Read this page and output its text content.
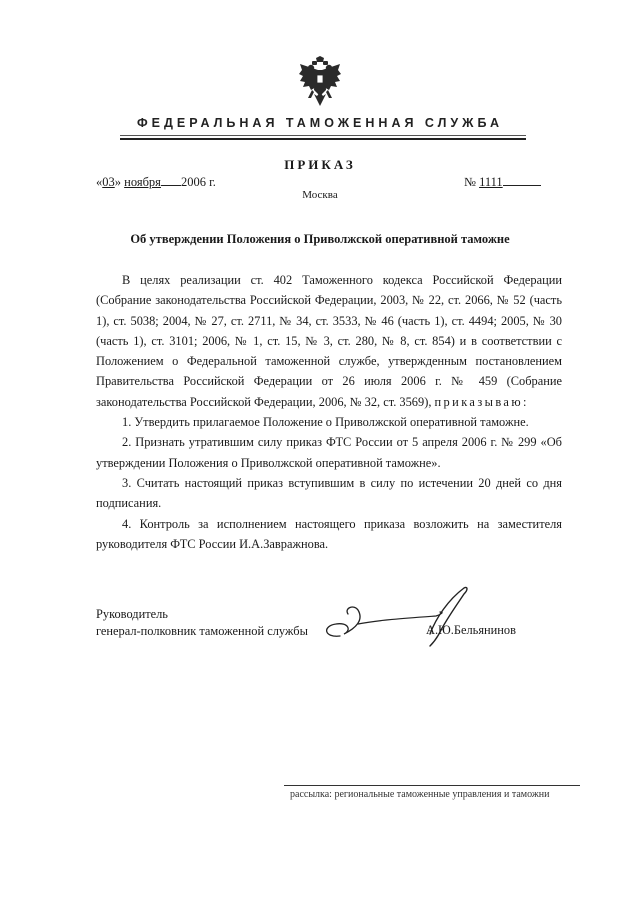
ФЕДЕРАЛЬНАЯ ТАМОЖЕННАЯ СЛУЖБА
ПРИКАЗ
«03» ноября 2006 г.	№ 1111
Москва
Об утверждении Положения о Приволжской оперативной таможне

В целях реализации ст. 402 Таможенного кодекса Российской Федерации (Собрание законодательства Российской Федерации, 2003, № 22, ст. 2066, № 52 (часть 1), ст. 5038; 2004, № 27, ст. 2711, № 34, ст. 3533, № 46 (часть 1), ст. 4494; 2005, № 30 (часть 1), ст. 3101; 2006, № 1, ст. 15, № 3, ст. 280, № 8, ст. 854) и в соответствии с Положением о Федеральной таможенной службе, утвержденным постановлением Правительства Российской Федерации от 26 июля 2006 г. № 459 (Собрание законодательства Российской Федерации, 2006, № 32, ст. 3569), приказываю:

1. Утвердить прилагаемое Положение о Приволжской оперативной таможне.

2. Признать утратившим силу приказ ФТС России от 5 апреля 2006 г. № 299 «Об утверждении Положения о Приволжской оперативной таможне».

3. Считать настоящий приказ вступившим в силу по истечении 20 дней со дня подписания.

4. Контроль за исполнением настоящего приказа возложить на заместителя руководителя ФТС России И.А.Завражнова.

Руководитель
генерал-полковник таможенной службы	А.Ю.Бельянинов
рассылка: региональные таможенные управления и таможни
